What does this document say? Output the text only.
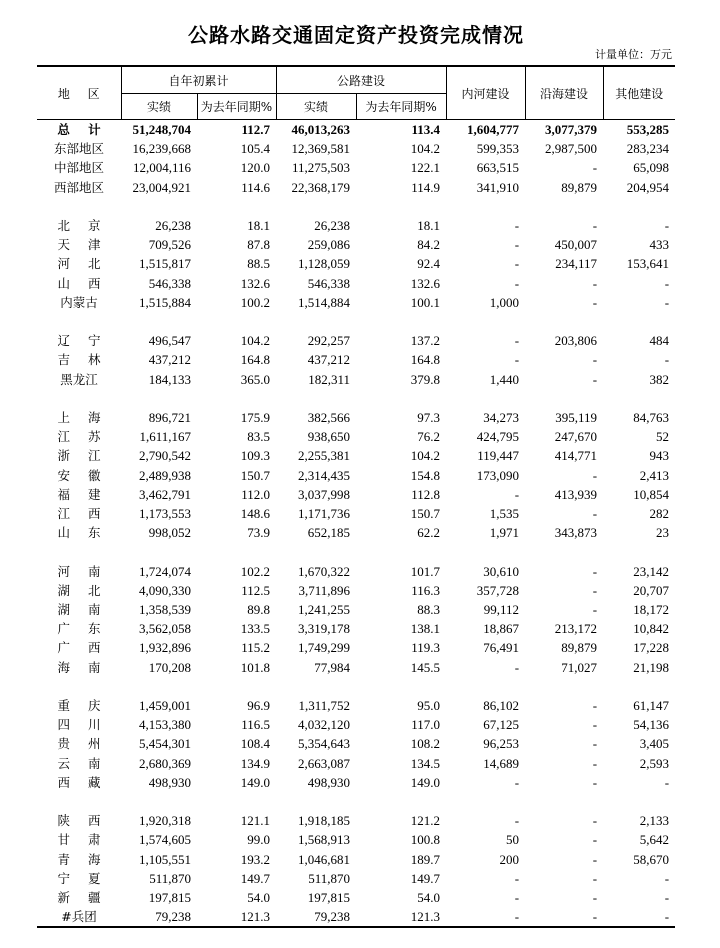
公路水路交通固定资产投资完成情况
计量单位：万元
地 区	自年初累计		公路建设		内河建设	沿海建设	其他建设
	实绩	为去年同期%	实绩	为去年同期%			
总 计	51,248,704	112.7	46,013,263	113.4	1,604,777	3,077,379	553,285
东部地区	16,239,668	105.4	12,369,581	104.2	599,353	2,987,500	283,234
中部地区	12,004,116	120.0	11,275,503	122.1	663,515	-	65,098
西部地区	23,004,921	114.6	22,368,179	114.9	341,910	89,879	204,954

北 京	26,238	18.1	26,238	18.1	-	-	-
天 津	709,526	87.8	259,086	84.2	-	450,007	433
河 北	1,515,817	88.5	1,128,059	92.4	-	234,117	153,641
山 西	546,338	132.6	546,338	132.6	-	-	-
内蒙古	1,515,884	100.2	1,514,884	100.1	1,000	-	-

辽 宁	496,547	104.2	292,257	137.2	-	203,806	484
吉 林	437,212	164.8	437,212	164.8	-	-	-
黑龙江	184,133	365.0	182,311	379.8	1,440	-	382

上 海	896,721	175.9	382,566	97.3	34,273	395,119	84,763
江 苏	1,611,167	83.5	938,650	76.2	424,795	247,670	52
浙 江	2,790,542	109.3	2,255,381	104.2	119,447	414,771	943
安 徽	2,489,938	150.7	2,314,435	154.8	173,090	-	2,413
福 建	3,462,791	112.0	3,037,998	112.8	-	413,939	10,854
江 西	1,173,553	148.6	1,171,736	150.7	1,535	-	282
山 东	998,052	73.9	652,185	62.2	1,971	343,873	23

河 南	1,724,074	102.2	1,670,322	101.7	30,610	-	23,142
湖 北	4,090,330	112.5	3,711,896	116.3	357,728	-	20,707
湖 南	1,358,539	89.8	1,241,255	88.3	99,112	-	18,172
广 东	3,562,058	133.5	3,319,178	138.1	18,867	213,172	10,842
广 西	1,932,896	115.2	1,749,299	119.3	76,491	89,879	17,228
海 南	170,208	101.8	77,984	145.5	-	71,027	21,198

重 庆	1,459,001	96.9	1,311,752	95.0	86,102	-	61,147
四 川	4,153,380	116.5	4,032,120	117.0	67,125	-	54,136
贵 州	5,454,301	108.4	5,354,643	108.2	96,253	-	3,405
云 南	2,680,369	134.9	2,663,087	134.5	14,689	-	2,593
西 藏	498,930	149.0	498,930	149.0	-	-	-

陕 西	1,920,318	121.1	1,918,185	121.2	-	-	2,133
甘 肃	1,574,605	99.0	1,568,913	100.8	50	-	5,642
青 海	1,105,551	193.2	1,046,681	189.7	200	-	58,670
宁 夏	511,870	149.7	511,870	149.7	-	-	-
新 疆	197,815	54.0	197,815	54.0	-	-	-
#兵团	79,238	121.3	79,238	121.3	-	-	-
